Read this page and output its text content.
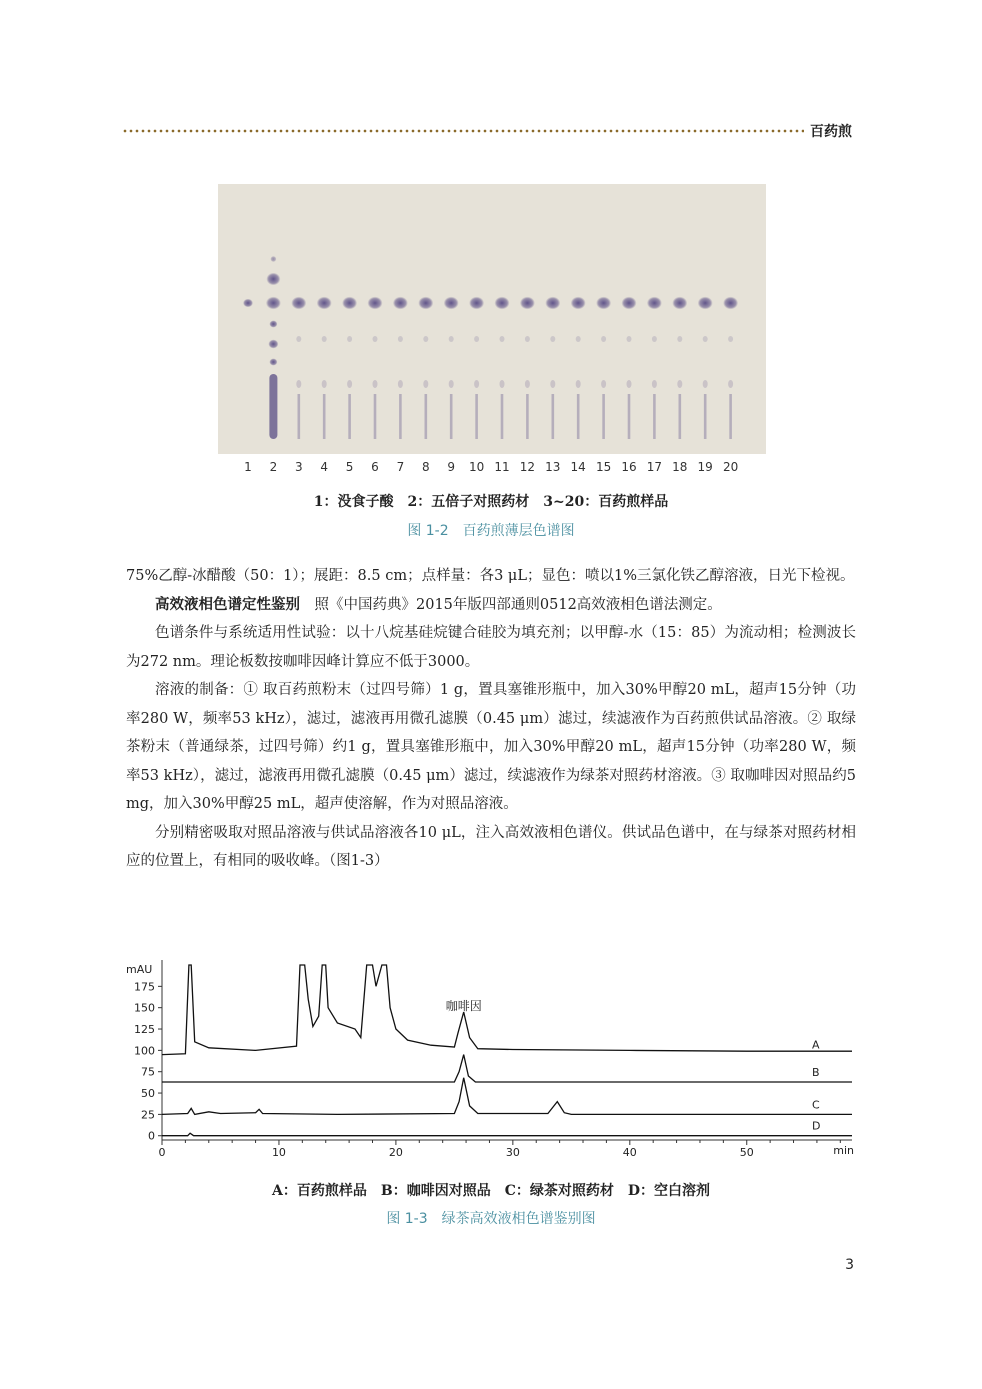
百药煎
1 2 3 4 5 6 7 8 9 10 11 12 13 14 15 16 17 18 19 20
1：没食子酸　2：五倍子对照药材　3~20：百药煎样品
图 1-2　百药煎薄层色谱图

75%乙醇-冰醋酸（50：1）；展距：8.5 cm；点样量：各3 μL；显色：喷以1%三氯化铁乙醇溶液，日光下检视。

高效液相色谱定性鉴别　照《中国药典》2015年版四部通则0512高效液相色谱法测定。

色谱条件与系统适用性试验：以十八烷基硅烷键合硅胶为填充剂；以甲醇-水（15：85）为流动相；检测波长为272 nm。理论板数按咖啡因峰计算应不低于3000。

溶液的制备：① 取百药煎粉末（过四号筛）1 g，置具塞锥形瓶中，加入30%甲醇20 mL，超声15分钟（功率280 W，频率53 kHz），滤过，滤液再用微孔滤膜（0.45 μm）滤过，续滤液作为百药煎供试品溶液。② 取绿茶粉末（普通绿茶，过四号筛）约1 g，置具塞锥形瓶中，加入30%甲醇20 mL，超声15分钟（功率280 W，频率53 kHz），滤过，滤液再用微孔滤膜（0.45 μm）滤过，续滤液作为绿茶对照药材溶液。③ 取咖啡因对照品约5 mg，加入30%甲醇25 mL，超声使溶解，作为对照品溶液。

分别精密吸取对照品溶液与供试品溶液各10 μL，注入高效液相色谱仪。供试品色谱中，在与绿茶对照药材相应的位置上，有相同的吸收峰。（图1-3）

mAU
min
0
25
50
75
100
125
150
175
0	10	20	30	40	50
A
B
C
D
咖啡因
A：百药煎样品　B：咖啡因对照品　C：绿茶对照药材　D：空白溶剂
图 1-3　绿茶高效液相色谱鉴别图
3
